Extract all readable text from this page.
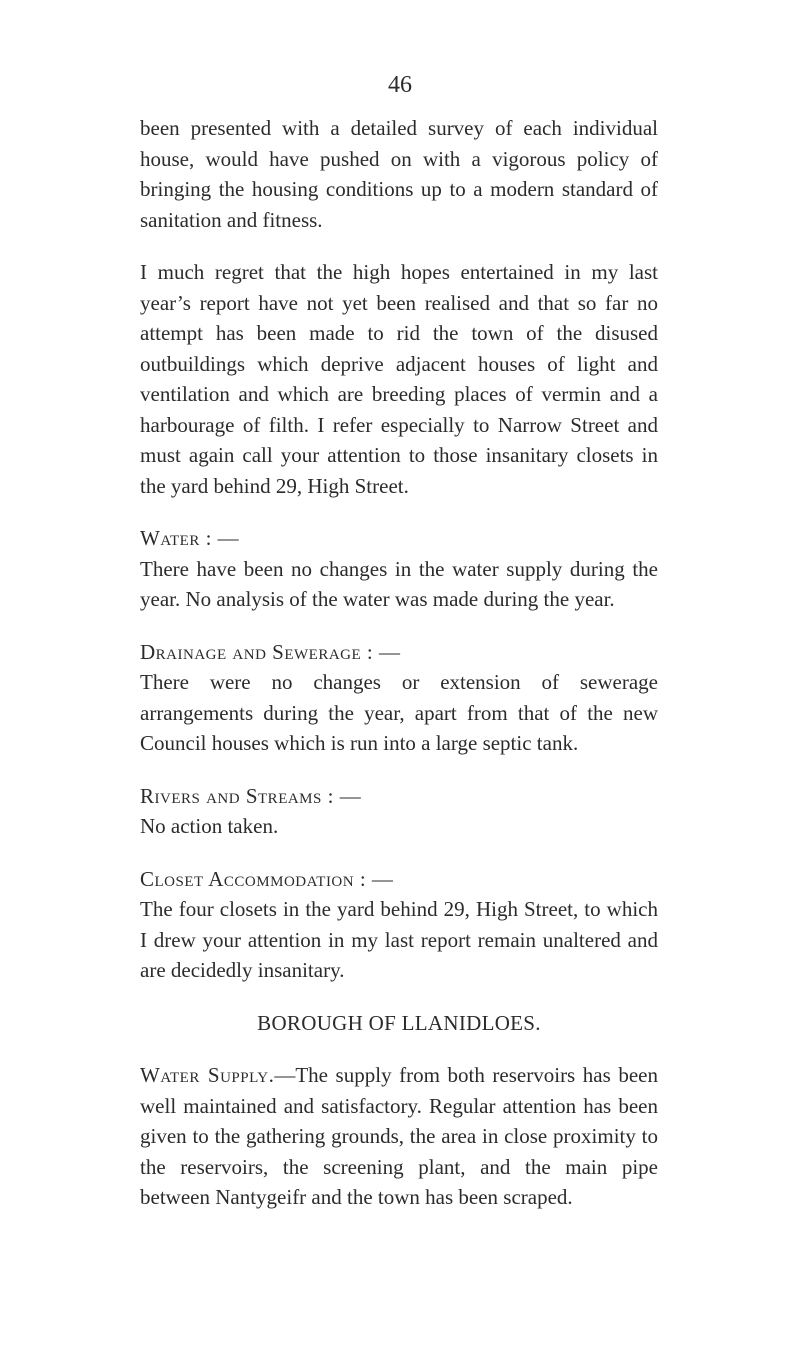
46

been presented with a detailed survey of each individual house, would have pushed on with a vigorous policy of bringing the housing conditions up to a modern standard of sanitation and fitness.

I much regret that the high hopes entertained in my last year’s report have not yet been realised and that so far no attempt has been made to rid the town of the disused outbuildings which deprive adjacent houses of light and ventilation and which are breeding places of vermin and a harbourage of filth. I refer especially to Narrow Street and must again call your attention to those insanitary closets in the yard behind 29, High Street.

Water : —

There have been no changes in the water supply during the year. No analysis of the water was made during the year.

Drainage and Sewerage : —

There were no changes or extension of sewerage arrangements during the year, apart from that of the new Council houses which is run into a large septic tank.

Rivers and Streams : —

No action taken.

Closet Accommodation : —

The four closets in the yard behind 29, High Street, to which I drew your attention in my last report remain unaltered and are decidedly insanitary.

BOROUGH OF LLANIDLOES.

Water Supply.—The supply from both reservoirs has been well maintained and satisfactory. Regular attention has been given to the gathering grounds, the area in close proximity to the reservoirs, the screening plant, and the main pipe between Nantygeifr and the town has been scraped.
